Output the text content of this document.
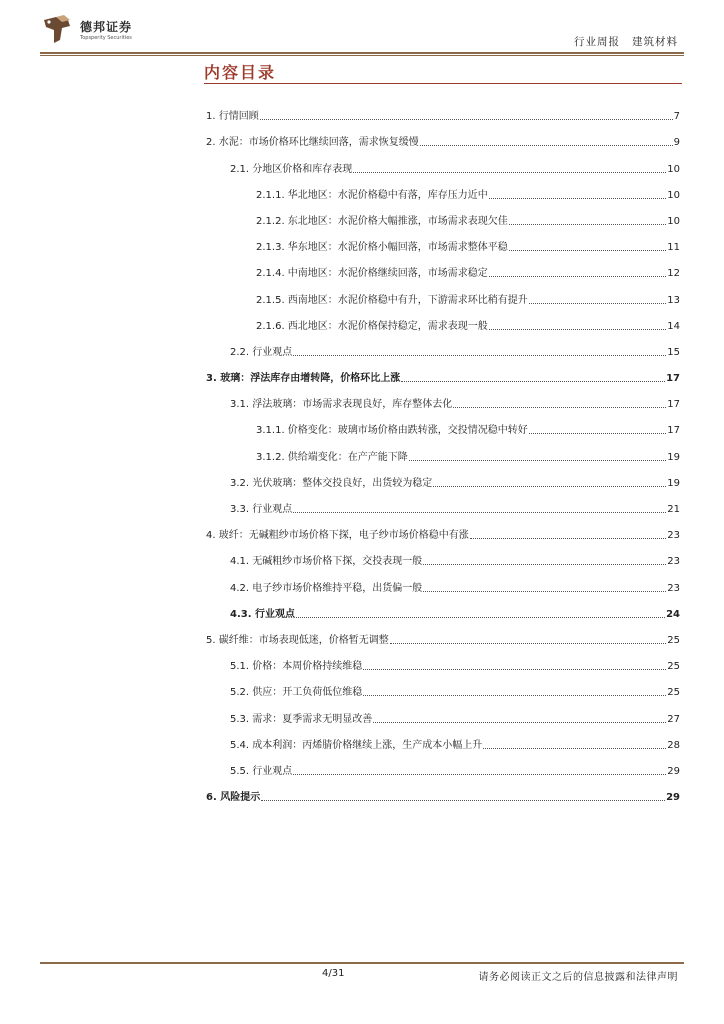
德邦证券
Topsperity Securities	行业周报 建筑材料
内容目录
1. 行情回顾	7
2. 水泥：市场价格环比继续回落，需求恢复缓慢	9
2.1. 分地区价格和库存表现	10
2.1.1. 华北地区：水泥价格稳中有落，库存压力近中	10
2.1.2. 东北地区：水泥价格大幅推涨，市场需求表现欠佳	10
2.1.3. 华东地区：水泥价格小幅回落，市场需求整体平稳	11
2.1.4. 中南地区：水泥价格继续回落，市场需求稳定	12
2.1.5. 西南地区：水泥价格稳中有升，下游需求环比稍有提升	13
2.1.6. 西北地区：水泥价格保持稳定，需求表现一般	14
2.2. 行业观点	15
3. 玻璃：浮法库存由增转降，价格环比上涨	17
3.1. 浮法玻璃：市场需求表现良好，库存整体去化	17
3.1.1. 价格变化：玻璃市场价格由跌转涨，交投情况稳中转好	17
3.1.2. 供给端变化：在产产能下降	19
3.2. 光伏玻璃：整体交投良好，出货较为稳定	19
3.3. 行业观点	21
4. 玻纤：无碱粗纱市场价格下探，电子纱市场价格稳中有涨	23
4.1. 无碱粗纱市场价格下探，交投表现一般	23
4.2. 电子纱市场价格维持平稳，出货偏一般	23
4.3. 行业观点	24
5. 碳纤维：市场表现低迷，价格暂无调整	25
5.1. 价格：本周价格持续维稳	25
5.2. 供应：开工负荷低位维稳	25
5.3. 需求：夏季需求无明显改善	27
5.4. 成本利润：丙烯腈价格继续上涨，生产成本小幅上升	28
5.5. 行业观点	29
6. 风险提示	29
4/31	请务必阅读正文之后的信息披露和法律声明
